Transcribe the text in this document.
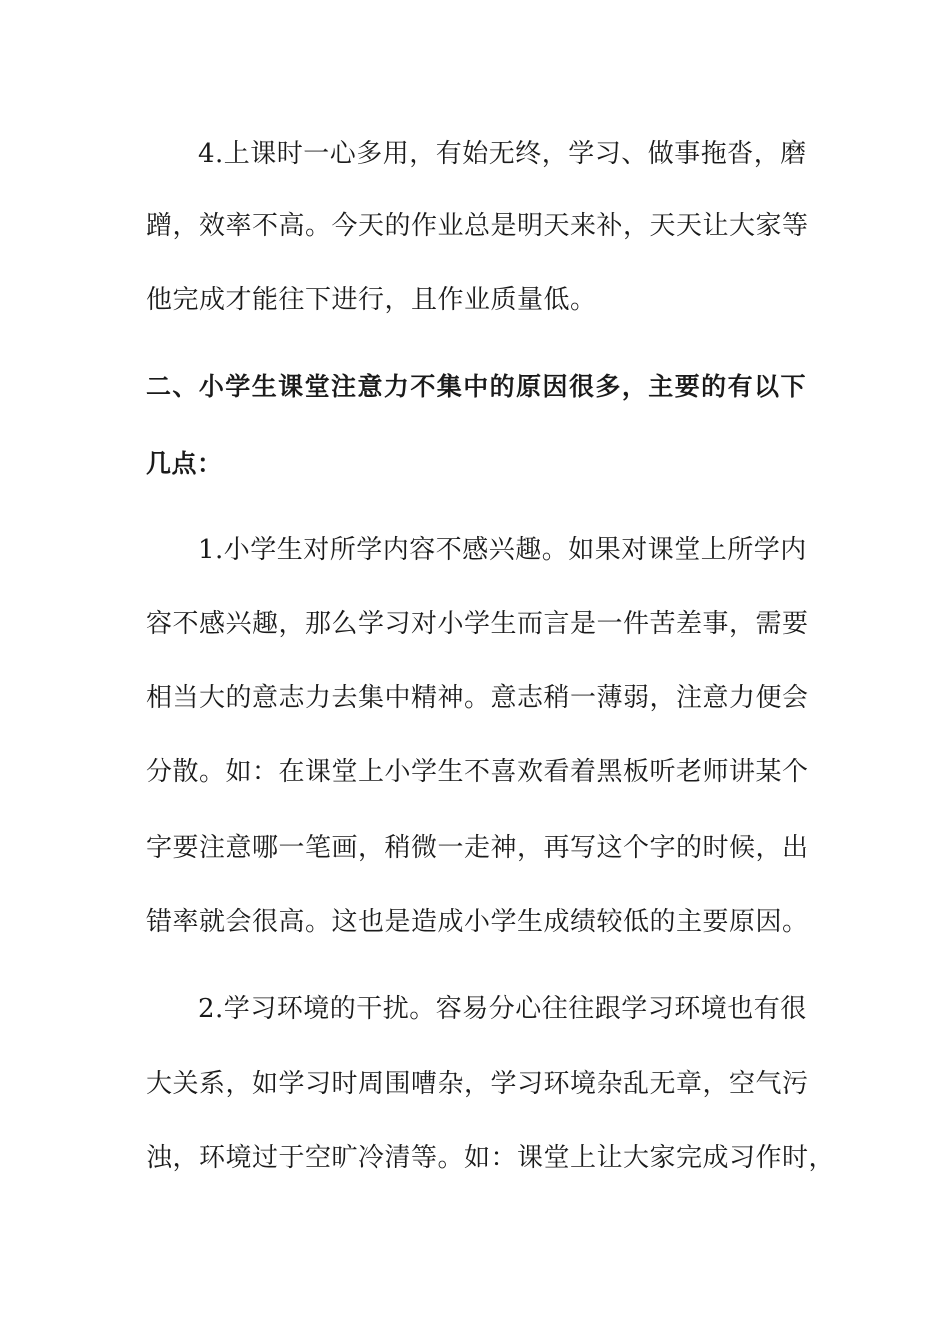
4.上课时一心多用，有始无终，学习、做事拖沓，磨
蹭，效率不高。今天的作业总是明天来补，天天让大家等
他完成才能往下进行，且作业质量低。
二、小学生课堂注意力不集中的原因很多，主要的有以下
几点：
1.小学生对所学内容不感兴趣。如果对课堂上所学内
容不感兴趣，那么学习对小学生而言是一件苦差事，需要
相当大的意志力去集中精神。意志稍一薄弱，注意力便会
分散。如：在课堂上小学生不喜欢看着黑板听老师讲某个
字要注意哪一笔画，稍微一走神，再写这个字的时候，出
错率就会很高。这也是造成小学生成绩较低的主要原因。
2.学习环境的干扰。容易分心往往跟学习环境也有很
大关系，如学习时周围嘈杂，学习环境杂乱无章，空气污
浊，环境过于空旷冷清等。如：课堂上让大家完成习作时，
